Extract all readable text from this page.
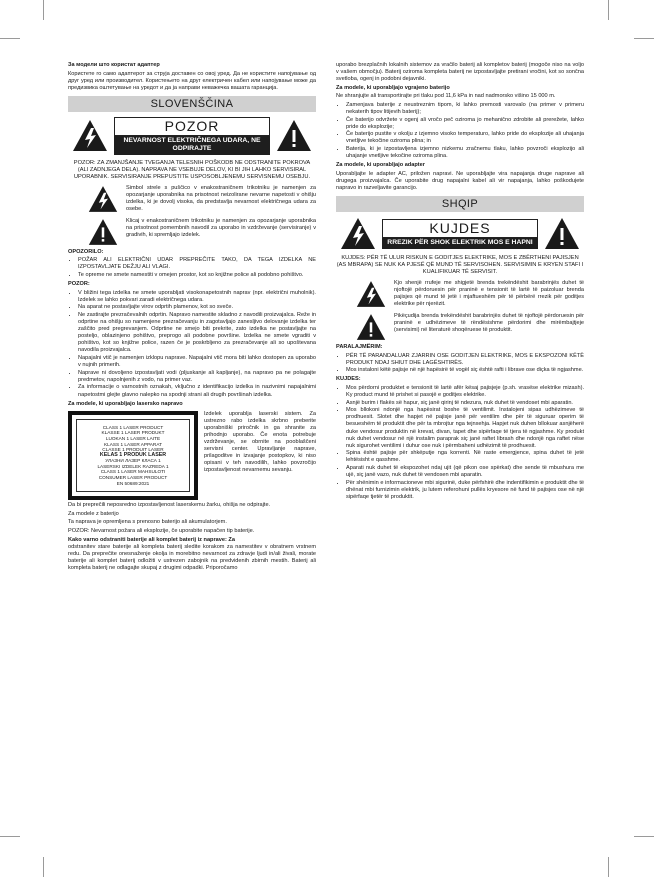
За модели што користат адаптер

Користете го само адаптерот за струја доставен со овој уред. Да не користите напојување од друг уред или производител. Користењето на друг електричен кабел или напојување може да предизвика оштетување на уредот и да ја направи неважечка вашата гаранција.

SLOVENŠČINA
POZOR
NEVARNOST ELEKTRIČNEGA UDARA, NE ODPIRAJTE

POZOR: ZA ZMANJŠANJE TVEGANJA TELESNIH POŠKODB NE ODSTRANITE POKROVA (ALI ZADNJEGA DELA). NAPRAVA NE VSEBUJE DELOV, KI BI JIH LAHKO SERVISIRAL UPORABNIK. SERVISIRANJE PREPUSTITE USPOSOBLJENEMU SERVISNEMU OSEBJU.

Simbol strele s puščico v enakostraničnem trikotniku je namenjen za opozarjanje uporabnika na prisotnost neizolirane nevarne napetosti v ohišju izdelka, ki je dovolj visoka, da predstavlja nevarnost električnega udara za osebe.

Klicaj v enakostraničnem trikotniku je namenjen za opozarjanje uporabnika na prisotnost pomembnih navodil za uporabo in vzdrževanje (servisiranje) v gradivih, ki spremljajo izdelek.

OPOZORILO:

• POŽAR ALI ELEKTRIČNI UDAR PREPREČITE TAKO, DA TEGA IZDELKA NE IZPOSTAVLJATE DEŽJU ALI VLAGI.
• Te opreme ne smete namestiti v omejen prostor, kot so knjižne police ali podobno pohištvo.

POZOR:

• V bližini tega izdelka ne smete uporabljati visokonapetostnih naprav (npr. električni muholnik). Izdelek se lahko pokvari zaradi električnega udara.
• Na aparat ne postavljajte virov odprtih plamenov, kot so sveče.
• Ne zastirajte prezračevalnih odprtin. Napravo namestite skladno z navodili proizvajalca. Reže in odprtine na ohišju so namenjene prezračevanju in zagotavljajo zanesljivo delovanje izdelka ter zaščito pred pregrevanjem. Odprtine ne smejo biti prekrite, zato izdelka ne postavljajte na posteljo, oblazinjeno pohištvo, preprogo ali podobne površine. Izdelka ne smete vgraditi v pohištvo, kot so knjižne police, razen če je poskrbljeno za prezračevanje ali so upoštevana navodila proizvajalca.
• Napajalni vtič je namenjen izklopu naprave. Napajalni vtič mora biti lahko dostopen za uporabo v nujnih primerih.
• Naprave ni dovoljeno izpostavljati vodi (pljuskanje ali kapljanje), na napravo pa ne polagajte predmetov, napolnjenih z vodo, na primer vaz.
• Za informacije o varnostnih oznakah, vključno z identifikacijo izdelka in nazivnimi napajalnimi napetostmi glejte glavno nalepko na spodnji strani ali drugih površinah izdelka.

Za modele, ki uporabljajo lasersko napravo

CLASS 1 LASER PRODUCT
KLASSE 1 LASER PRODUKT
LUOKAN 1 LASER LAITE
KLASS 1 LASER APPARAT
CLASSE 1 PRODUIT LASER
KELAS 1 PRODUK LASER
УЛАЗНИ ЛАЗЕР КЛАСА 1
LASERSKI IZDELEK RAZREDA 1
CLASS 1 LASER MAHSULOTI
CONSUMER LASER PRODUCT
EN 50689:2021

Izdelek uporablja laserski sistem. Za ustrezno rabo izdelka skrbno preberite uporabniški priročnik in ga shranite za prihodnjo uporabo. Če enota potrebuje vzdrževanje, se obrnite na pooblaščeni servisni center. Upravljanje naprave, prilagoditve in izvajanje postopkov, ki niso opisani v teh navodilih, lahko povzročijo izpostavljenost nevarnemu sevanju.

Da bi preprečili neposredno izpostavljenost laserskemu žarku, ohišja ne odpirajte.

Za modele z baterijo

Ta naprava je opremljena s prenosno baterijo ali akumulatorjem.

POZOR: Nevarnost požara ali eksplozije, če uporabite napačen tip baterije.

Kako varno odstraniti baterije ali komplet baterij iz naprave: Za

odstranitev stare baterije ali kompleta baterij sledite korakom za namestitev v obratnem vrstnem redu. Da preprečite onesnaženje okolja in morebitno nevarnost za zdravje ljudi in/ali živali, morate baterije ali komplet baterij odložiti v ustrezen zabojnik na predvidenih zbirnih mestih. Baterij ali kompleta baterij ne odlagajte skupaj z drugimi odpadki. Priporočamo

uporabo brezplačnih lokalnih sistemov za vračilo baterij ali kompletov baterij (mogoče niso na voljo v vašem območju). Baterij oziroma kompleta baterij ne izpostavljajte pretirani vročini, kot so sončna svetloba, ogenj in podobni dejavniki.

Za modele, ki uporabljajo vgrajeno baterijo

Ne shranjujte ali transportirajte pri tlaku pod 11,6 kPa in nad nadmorsko višino 15 000 m.

• Zamenjava baterije z neustreznim tipom, ki lahko premosti varovalo (na primer v primeru nekaterih tipov litijevih baterij);
• Če baterijo odvržete v ogenj ali vročo peč oziroma jo mehanično zdrobite ali prerežete, lahko pride do eksplozije;
• Če baterijo pustite v okolju z izjemno visoko temperaturo, lahko pride do eksplozije ali uhajanja vnetljive tekočine oziroma plina; in
• Baterija, ki je izpostavljena izjemno nizkemu zračnemu tlaku, lahko povzroči eksplozijo ali uhajanje vnetljive tekočine oziroma plina.

Za modele, ki uporabljajo adapter

Uporabljajte le adapter AC, priložen napravi. Ne uporabljajte vira napajanja druge naprave ali drugega proizvajalca. Če uporabite drug napajalni kabel ali vir napajanja, lahko poškodujete napravo in razveljavite garancijo.

SHQIP
KUJDES
RREZIK PËR SHOK ELEKTRIK MOS E HAPNI

KUJDES: PËR TË ULUR RISKUN E GODITJES ELEKTRIKE, MOS E ZBËRTHENI PAJISJEN (AS MBRAPA) SE NUK KA PJESË QË MUND TË SERVISOHEN. SERVISIMIN E KRYEN STAFI I KUALIFIKUAR TË SERVISIT.

Kjo shenjë rrufeje me shigjetë brenda trekëndëshit barabrinjës duhet të njoftojë përdoruesin për praninë e tensionit të lartë të paizoluar brenda pajisjes që mund të jetë i mjaftueshëm për të përbërë rrezik për goditjes elektrike për njerëzit.

Pikëçudija brenda trekëndëshit barabrinjës duhet të njoftojë përdoruesin për praninë e udhëzimeve të rëndësishme përdorimi dhe mirëmbajtjeje (servisimi) në literaturë shoqëruese të produktit.

PARALAJMËRIM:

• PËR TË PARANDALUAR ZJARRIN OSE GODITJEN ELEKTRIKE, MOS E EKSPOZONI KËTË PRODUKT NDAJ SHIUT DHE LAGËSHTIRËS.
• Mos instaloni këtë pajisje në një hapësirë të vogël siç është rafti i librave ose diçka të ngjashme.

KUJDES:

• Mos përdorni produktet e tensionit të lartë afër kësaj pajisjeje (p.sh. vrasëse elektrike mizash). Ky product mund të prishet si pasojë e goditjes elektrike.
• Asnjë burim i flakës së hapur, siç janë qirinj të ndezura, nuk duhet të vendoset mbi aparatin.
• Mos bllokoni ndonjë nga hapësirat boshe të ventilimit. Instalojeni sipas udhëzimeve të prodhuesit. Slotet dhe hapjet në pajisje janë për ventilim dhe për të siguruar operim të besueshëm të produktit dhe për ta mbrojtur nga tejnxehja. Hapjet nuk duhen bllokuar asnjëherë duke vendosur produktin në krevat, divan, tapet dhe sipërfaqe të tjera të ngjashme. Ky produkt nuk duhet vendosur në një instalim paraprak siç janë raftet librash dhe ndonjë nga raftet nëse nuk sigurohet ventilimi i duhur ose nuk i përmbaheni udhëzimit të prodhuesit.
• Spina është pajisje për shkëputje nga korrenti. Në raste emergjence, spina duhet të jetë lehtësisht e qasshme.
• Aparati nuk duhet të ekspozohet ndaj ujit (që pikon ose spërkat) dhe sende të mbushura me ujë, siç janë vazo, nuk duhet të vendosen mbi aparatin.
• Për shënimin e informacioneve mbi sigurinë, duke përfshirë dhe indentifikimin e produktit dhe të dhënat mbi furnizimin elektrik, ju lutem referohuni pullës kryesore në fund të pajisjes ose në një sipërfaqe tjetër të produktit.
